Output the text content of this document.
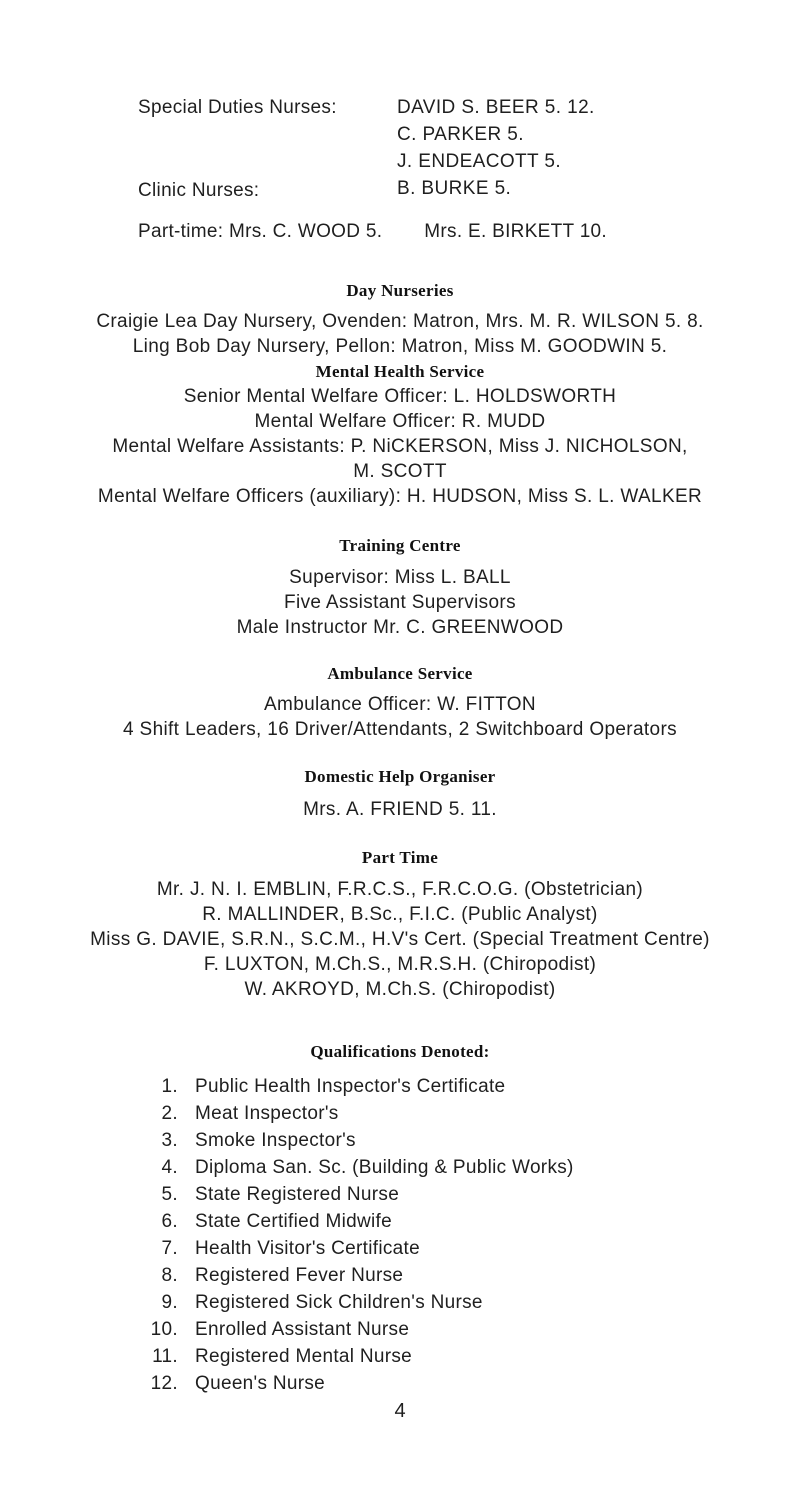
Special Duties Nurses:	DAVID S. BEER 5. 12.
C. PARKER 5.
J. ENDEACOTT 5.
B. BURKE 5.
Clinic Nurses:
Part-time: Mrs. C. WOOD 5. Mrs. E. BIRKETT 10.
Day Nurseries
Craigie Lea Day Nursery, Ovenden: Matron, Mrs. M. R. WILSON 5. 8.
Ling Bob Day Nursery, Pellon: Matron, Miss M. GOODWIN 5.
Mental Health Service
Senior Mental Welfare Officer: L. HOLDSWORTH
Mental Welfare Officer: R. MUDD
Mental Welfare Assistants: P. NiCKERSON, Miss J. NICHOLSON,
M. SCOTT
Mental Welfare Officers (auxiliary): H. HUDSON, Miss S. L. WALKER
Training Centre
Supervisor: Miss L. BALL
Five Assistant Supervisors
Male Instructor Mr. C. GREENWOOD
Ambulance Service
Ambulance Officer: W. FITTON
4 Shift Leaders, 16 Driver/Attendants, 2 Switchboard Operators
Domestic Help Organiser
Mrs. A. FRIEND 5. 11.
Part Time
Mr. J. N. I. EMBLIN, F.R.C.S., F.R.C.O.G. (Obstetrician)
R. MALLINDER, B.Sc., F.I.C. (Public Analyst)
Miss G. DAVIE, S.R.N., S.C.M., H.V's Cert. (Special Treatment Centre)
F. LUXTON, M.Ch.S., M.R.S.H. (Chiropodist)
W. AKROYD, M.Ch.S. (Chiropodist)
Qualifications Denoted:
1. Public Health Inspector's Certificate
2. Meat Inspector's
3. Smoke Inspector's
4. Diploma San. Sc. (Building & Public Works)
5. State Registered Nurse
6. State Certified Midwife
7. Health Visitor's Certificate
8. Registered Fever Nurse
9. Registered Sick Children's Nurse
10. Enrolled Assistant Nurse
11. Registered Mental Nurse
12. Queen's Nurse
4
